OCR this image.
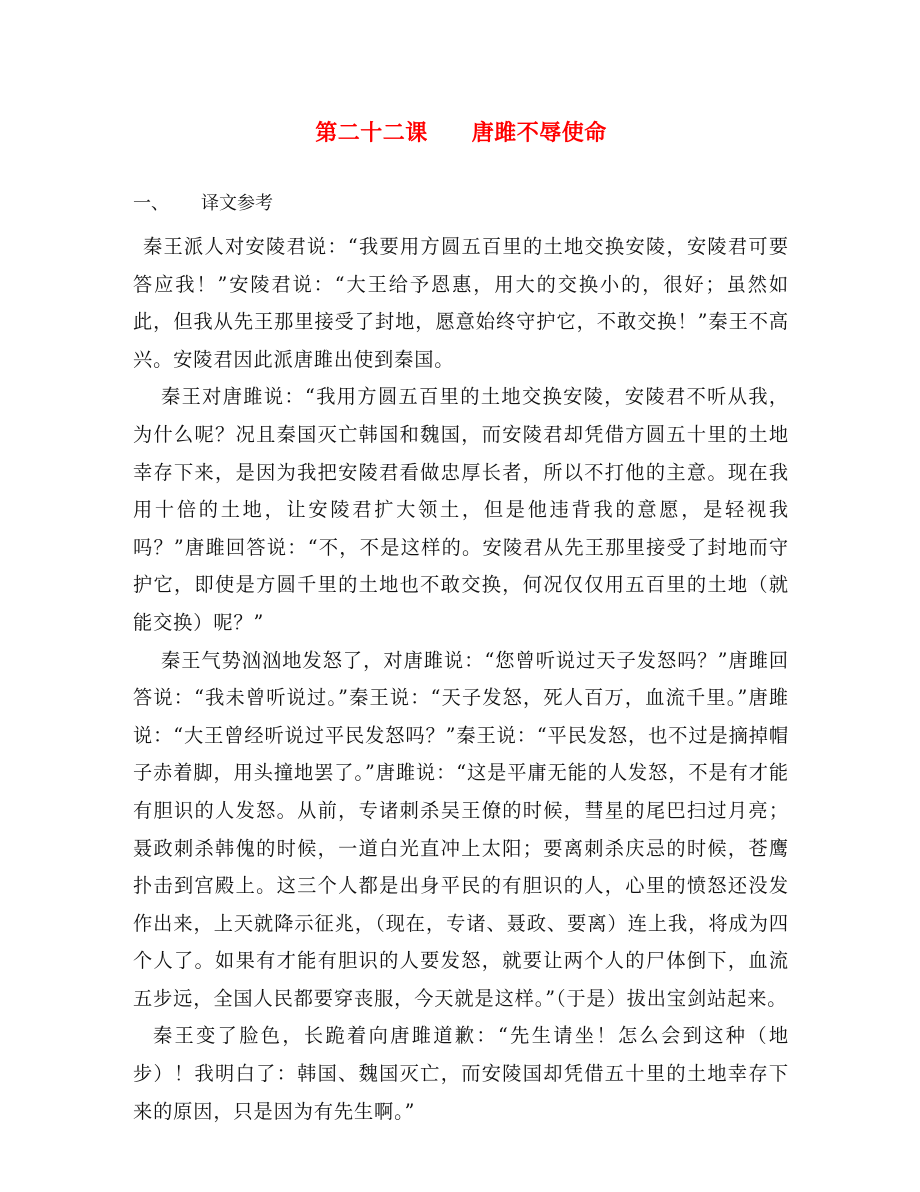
第二十二课 唐雎不辱使命
一、 译文参考

秦王派人对安陵君说：“我要用方圆五百里的土地交换安陵，安陵君可要答应我！”安陵君说：“大王给予恩惠，用大的交换小的，很好；虽然如此，但我从先王那里接受了封地，愿意始终守护它，不敢交换！”秦王不高兴。安陵君因此派唐雎出使到秦国。

秦王对唐雎说：“我用方圆五百里的土地交换安陵，安陵君不听从我，为什么呢？况且秦国灭亡韩国和魏国，而安陵君却凭借方圆五十里的土地幸存下来，是因为我把安陵君看做忠厚长者，所以不打他的主意。现在我用十倍的土地，让安陵君扩大领土，但是他违背我的意愿，是轻视我吗？”唐雎回答说：“不，不是这样的。安陵君从先王那里接受了封地而守护它，即使是方圆千里的土地也不敢交换，何况仅仅用五百里的土地（就能交换）呢？”

秦王气势汹汹地发怒了，对唐雎说：“您曾听说过天子发怒吗？”唐雎回答说：“我未曾听说过。”秦王说：“天子发怒，死人百万，血流千里。”唐雎说：“大王曾经听说过平民发怒吗？”秦王说：“平民发怒，也不过是摘掉帽子赤着脚，用头撞地罢了。”唐雎说：“这是平庸无能的人发怒，不是有才能有胆识的人发怒。从前，专诸刺杀吴王僚的时候，彗星的尾巴扫过月亮；聂政刺杀韩傀的时候，一道白光直冲上太阳；要离刺杀庆忌的时候，苍鹰扑击到宫殿上。这三个人都是出身平民的有胆识的人，心里的愤怒还没发作出来，上天就降示征兆，（现在，专诸、聂政、要离）连上我，将成为四个人了。如果有才能有胆识的人要发怒，就要让两个人的尸体倒下，血流五步远，全国人民都要穿丧服，今天就是这样。”（于是）拔出宝剑站起来。

秦王变了脸色，长跪着向唐雎道歉：“先生请坐！怎么会到这种（地步）！我明白了：韩国、魏国灭亡，而安陵国却凭借五十里的土地幸存下来的原因，只是因为有先生啊。”
